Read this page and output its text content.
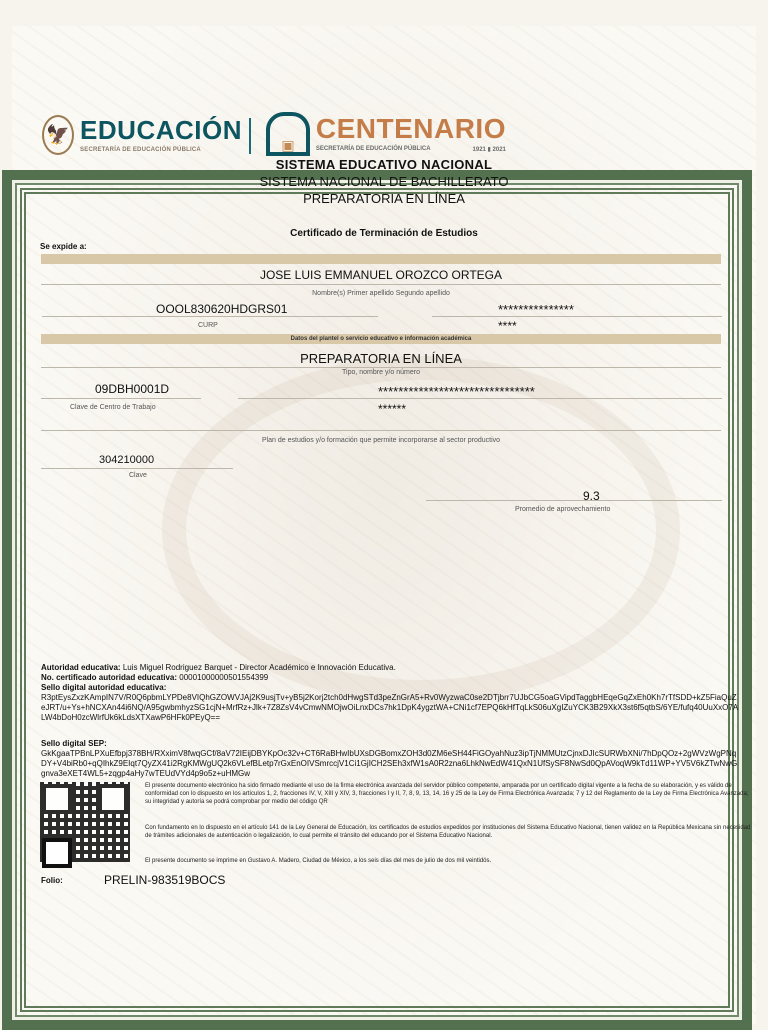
🦅 EDUCACIÓN
SECRETARÍA DE EDUCACIÓN PÚBLICA	▣
CENTENARIO
SECRETARÍA DE EDUCACIÓN PÚBLICA	1921 ▮ 2021
SISTEMA EDUCATIVO NACIONAL
SISTEMA NACIONAL DE BACHILLERATO
PREPARATORIA EN LÍNEA
Certificado de Terminación de Estudios
Se expide a:
JOSE LUIS EMMANUEL OROZCO ORTEGA
Nombre(s) Primer apellido Segundo apellido
OOOL830620HDGRS01
CURP
***************
****
Datos del plantel o servicio educativo e información académica
PREPARATORIA EN LÍNEA
Tipo, nombre y/o número
09DBH0001D
Clave de Centro de Trabajo
*******************************
******
Plan de estudios y/o formación que permite incorporarse al sector productivo
304210000
Clave
9.3
Promedio de aprovechamiento
Autoridad educativa: Luis Miguel Rodriguez Barquet - Director Académico e Innovación Educativa.
No. certificado autoridad educativa: 00001000000501554399
Sello digital autoridad educativa:
R3ptEysZxzKAmpIN7V/R0Q6pbmLYPDe8VIQhGZOWVJAj2K9usjTv+yB5j2Korj2tch0dHwgSTd3peZnGrA5+Rv0WyzwaC0se2DTjbrr7UJbCG5oaGVipdTaggbHEqeGqZxEh0Kh7rTfSDD+kZ5FiaQuZeJRT/u+Ys+hNCXAn44i6NQ/A95gwbmhyzSG1cjN+MrfRz+Jlk+7Z8ZsV4vCmwNMOjwOiLnxDCs7hk1DpK4ygztWA+CNi1cf7EPQ6kHfTqLkS06uXgIZuYCK3B29XkX3st6f5qtbS/6YE/fufq40UuXxO7ALW4bDoH0zcWlrfUk6kLdsXTXawP6HFk0PEyQ==
Sello digital SEP:
GkKgaaTPBnLPXuEfbpj378BH/RXximV8fwqGCf/8aV72IEijDBYKpOc32v+CT6RaBHwIbUXsDGBomxZOH3d0ZM6eSH44FiGOyahNuz3ipTjNMMUtzCjnxDJIcSURWbXNi/7hDpQOz+2gWVzWgPNqDY+V4biRb0+qQIhkZ9EIqt7QyZX41i2RgKMWgUQ2k6VLefBLetp7rGxEnOIVSmrccjV1Ci1GjICH2SEh3xfW1sA0R2zna6LhkNwEdW41QxN1UfSySF8NwSd0QpAVoqW9kTd11WP+YV5V6kZTwNwGgnva3eXET4WL5+zqgp4aHy7wTEUdVYd4p9o5z+uHMGw
El presente documento electrónico ha sido firmado mediante el uso de la firma electrónica avanzada del servidor público competente, amparada por un certificado digital vigente a la fecha de su elaboración, y es válido de conformidad con lo dispuesto en los artículos 1, 2, fracciones IV, V, XIII y XIV, 3, fracciones I y II, 7, 8, 9, 13, 14, 16 y 25 de la Ley de Firma Electrónica Avanzada; 7 y 12 del Reglamento de la Ley de Firma Electrónica Avanzada; su integridad y autoría se podrá comprobar por medio del código QR
Con fundamento en lo dispuesto en el artículo 141 de la Ley General de Educación, los certificados de estudios expedidos por instituciones del Sistema Educativo Nacional, tienen validez en la República Mexicana sin necesidad de trámites adicionales de autenticación o legalización, lo cual permite el tránsito del educando por el Sistema Educativo Nacional.
El presente documento se imprime en Gustavo A. Madero, Ciudad de México, a los seis días del mes de julio de dos mil veintidós.
Folio:	PRELIN-983519BOCS
